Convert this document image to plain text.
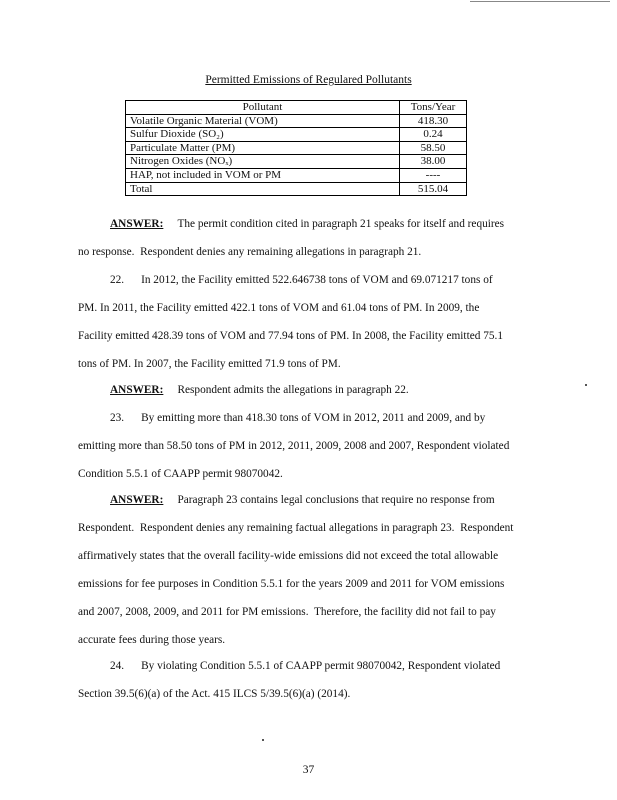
Permitted Emissions of Regulared Pollutants
Pollutant	Tons/Year
Volatile Organic Material (VOM)	418.30
Sulfur Dioxide (SO₂)	0.24
Particulate Matter (PM)	58.50
Nitrogen Oxides (NOₓ)	38.00
HAP, not included in VOM or PM	----
Total	515.04
ANSWER: The permit condition cited in paragraph 21 speaks for itself and requires
no response.  Respondent denies any remaining allegations in paragraph 21.
22.      In 2012, the Facility emitted 522.646738 tons of VOM and 69.071217 tons of
PM. In 2011, the Facility emitted 422.1 tons of VOM and 61.04 tons of PM. In 2009, the
Facility emitted 428.39 tons of VOM and 77.94 tons of PM. In 2008, the Facility emitted 75.1
tons of PM. In 2007, the Facility emitted 71.9 tons of PM.
ANSWER: Respondent admits the allegations in paragraph 22.
23.      By emitting more than 418.30 tons of VOM in 2012, 2011 and 2009, and by
emitting more than 58.50 tons of PM in 2012, 2011, 2009, 2008 and 2007, Respondent violated
Condition 5.5.1 of CAAPP permit 98070042.
ANSWER: Paragraph 23 contains legal conclusions that require no response from
Respondent.  Respondent denies any remaining factual allegations in paragraph 23.  Respondent
affirmatively states that the overall facility-wide emissions did not exceed the total allowable
emissions for fee purposes in Condition 5.5.1 for the years 2009 and 2011 for VOM emissions
and 2007, 2008, 2009, and 2011 for PM emissions.  Therefore, the facility did not fail to pay
accurate fees during those years.
24.      By violating Condition 5.5.1 of CAAPP permit 98070042, Respondent violated
Section 39.5(6)(a) of the Act. 415 ILCS 5/39.5(6)(a) (2014).
37
